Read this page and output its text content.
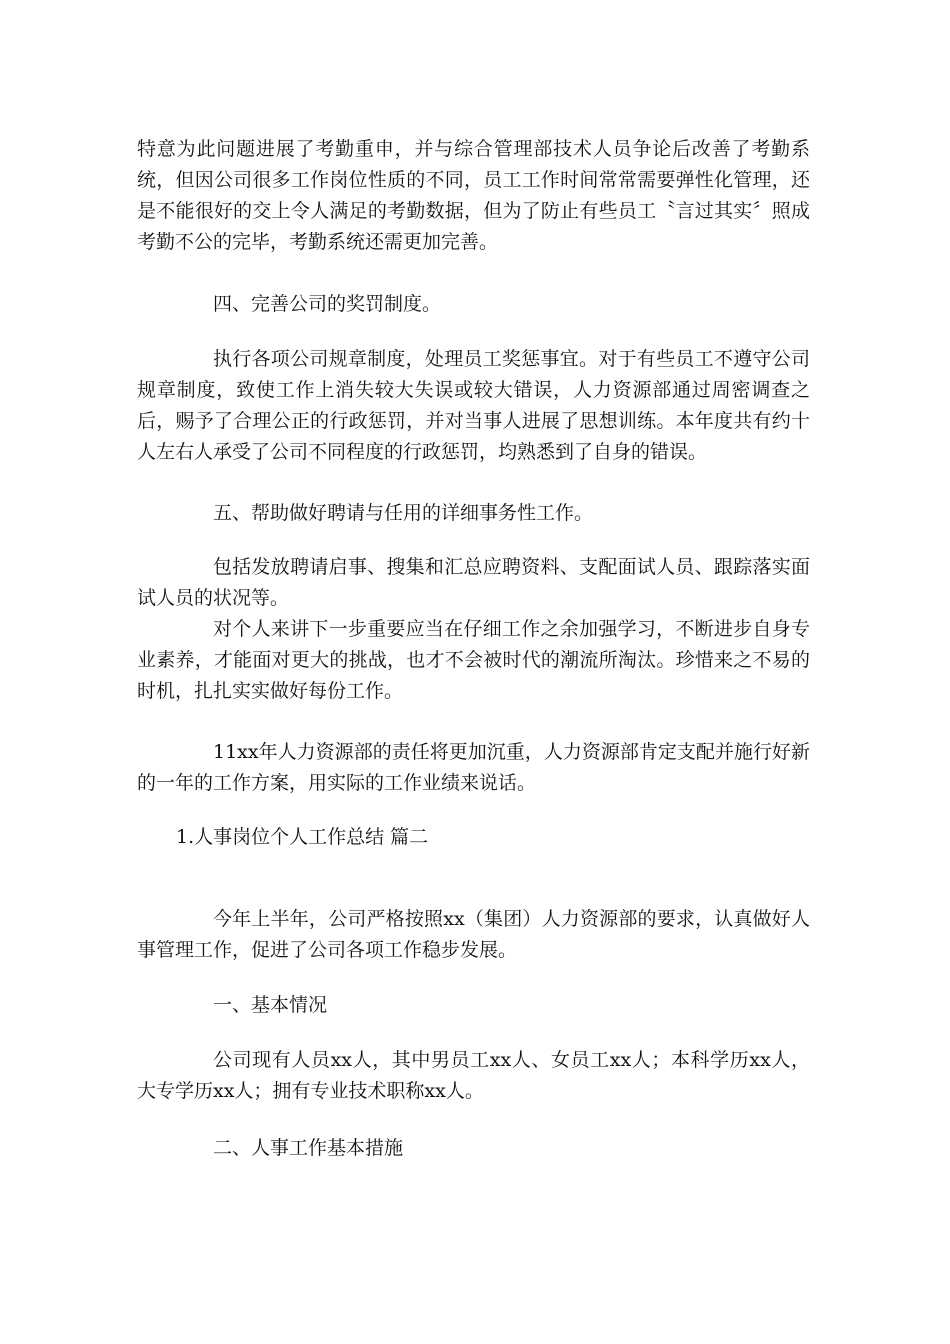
特意为此问题进展了考勤重申，并与综合管理部技术人员争论后改善了考勤系统，但因公司很多工作岗位性质的不同，员工工作时间常常需要弹性化管理，还是不能很好的交上令人满足的考勤数据，但为了防止有些员工〝言过其实〞照成考勤不公的完毕，考勤系统还需更加完善。

四、完善公司的奖罚制度。

执行各项公司规章制度，处理员工奖惩事宜。对于有些员工不遵守公司规章制度，致使工作上消失较大失误或较大错误，人力资源部通过周密调查之后，赐予了合理公正的行政惩罚，并对当事人进展了思想训练。本年度共有约十人左右人承受了公司不同程度的行政惩罚，均熟悉到了自身的错误。

五、帮助做好聘请与任用的详细事务性工作。

包括发放聘请启事、搜集和汇总应聘资料、支配面试人员、跟踪落实面试人员的状况等。

对个人来讲下一步重要应当在仔细工作之余加强学习，不断进步自身专业素养，才能面对更大的挑战，也才不会被时代的潮流所淘汰。珍惜来之不易的时机，扎扎实实做好每份工作。

11xx年人力资源部的责任将更加沉重，人力资源部肯定支配并施行好新的一年的工作方案，用实际的工作业绩来说话。

1.人事岗位个人工作总结 篇二

今年上半年，公司严格按照xx（集团）人力资源部的要求，认真做好人事管理工作，促进了公司各项工作稳步发展。

一、基本情况

公司现有人员xx人，其中男员工xx人、女员工xx人；本科学历xx人，大专学历xx人；拥有专业技术职称xx人。

二、人事工作基本措施
